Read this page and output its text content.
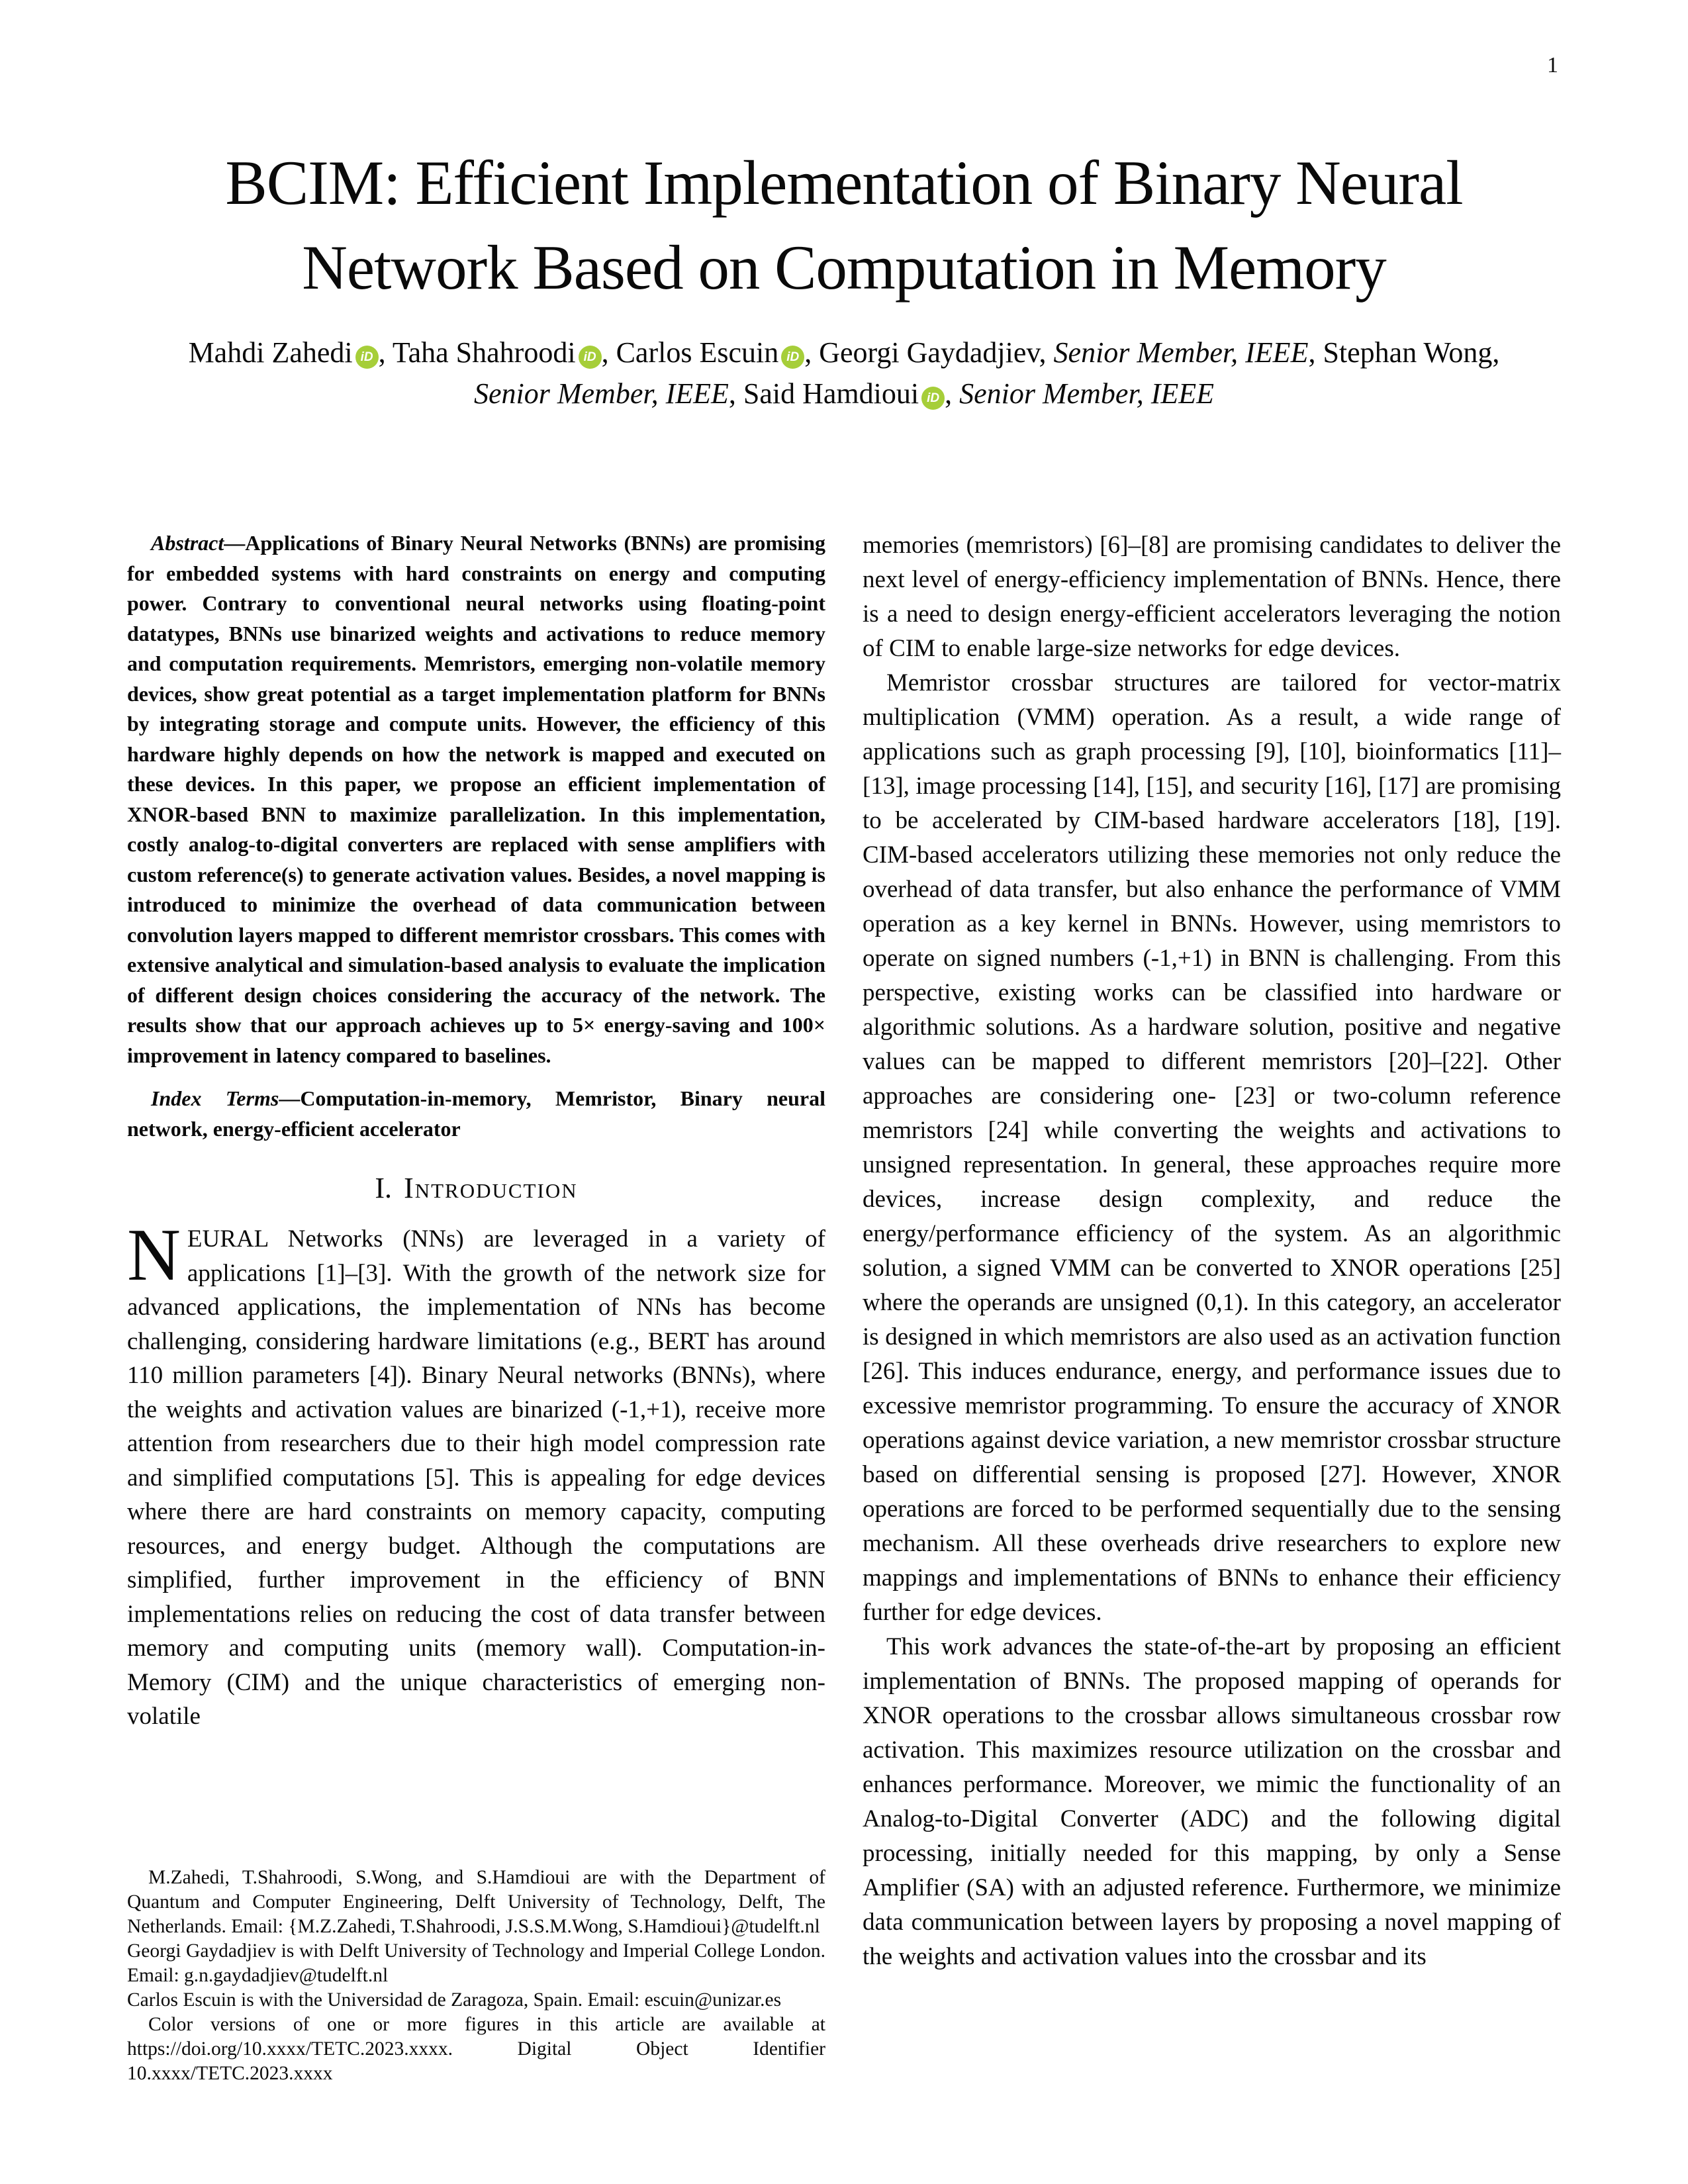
1
BCIM: Efficient Implementation of Binary Neural
Network Based on Computation in Memory
Mahdi Zahedi iD , Taha Shahroodi iD , Carlos Escuin iD , Georgi Gaydadjiev, Senior Member, IEEE, Stephan Wong,
Senior Member, IEEE, Said Hamdioui iD , Senior Member, IEEE

Abstract—Applications of Binary Neural Networks (BNNs) are promising for embedded systems with hard constraints on energy and computing power. Contrary to conventional neural networks using floating-point datatypes, BNNs use binarized weights and activations to reduce memory and computation requirements. Memristors, emerging non-volatile memory devices, show great potential as a target implementation platform for BNNs by integrating storage and compute units. However, the efficiency of this hardware highly depends on how the network is mapped and executed on these devices. In this paper, we propose an efficient implementation of XNOR-based BNN to maximize parallelization. In this implementation, costly analog-to-digital converters are replaced with sense amplifiers with custom reference(s) to generate activation values. Besides, a novel mapping is introduced to minimize the overhead of data communication between convolution layers mapped to different memristor crossbars. This comes with extensive analytical and simulation-based analysis to evaluate the implication of different design choices considering the accuracy of the network. The results show that our approach achieves up to 5× energy-saving and 100× improvement in latency compared to baselines.

Index Terms—Computation-in-memory, Memristor, Binary neural network, energy-efficient accelerator

I. Introduction

NEURAL Networks (NNs) are leveraged in a variety of applications [1]–[3]. With the growth of the network size for advanced applications, the implementation of NNs has become challenging, considering hardware limitations (e.g., BERT has around 110 million parameters [4]). Binary Neural networks (BNNs), where the weights and activation values are binarized (-1,+1), receive more attention from researchers due to their high model compression rate and simplified computations [5]. This is appealing for edge devices where there are hard constraints on memory capacity, computing resources, and energy budget. Although the computations are simplified, further improvement in the efficiency of BNN implementations relies on reducing the cost of data transfer between memory and computing units (memory wall). Computation-in-Memory (CIM) and the unique characteristics of emerging non-volatile

M.Zahedi, T.Shahroodi, S.Wong, and S.Hamdioui are with the Department of Quantum and Computer Engineering, Delft University of Technology, Delft, The Netherlands. Email: {M.Z.Zahedi, T.Shahroodi, J.S.S.M.Wong, S.Hamdioui}@tudelft.nl

Georgi Gaydadjiev is with Delft University of Technology and Imperial College London. Email: g.n.gaydadjiev@tudelft.nl

Carlos Escuin is with the Universidad de Zaragoza, Spain. Email: escuin@unizar.es

Color versions of one or more figures in this article are available at https://doi.org/10.xxxx/TETC.2023.xxxx. Digital Object Identifier 10.xxxx/TETC.2023.xxxx

memories (memristors) [6]–[8] are promising candidates to deliver the next level of energy-efficiency implementation of BNNs. Hence, there is a need to design energy-efficient accelerators leveraging the notion of CIM to enable large-size networks for edge devices.

Memristor crossbar structures are tailored for vector-matrix multiplication (VMM) operation. As a result, a wide range of applications such as graph processing [9], [10], bioinformatics [11]–[13], image processing [14], [15], and security [16], [17] are promising to be accelerated by CIM-based hardware accelerators [18], [19]. CIM-based accelerators utilizing these memories not only reduce the overhead of data transfer, but also enhance the performance of VMM operation as a key kernel in BNNs. However, using memristors to operate on signed numbers (-1,+1) in BNN is challenging. From this perspective, existing works can be classified into hardware or algorithmic solutions. As a hardware solution, positive and negative values can be mapped to different memristors [20]–[22]. Other approaches are considering one- [23] or two-column reference memristors [24] while converting the weights and activations to unsigned representation. In general, these approaches require more devices, increase design complexity, and reduce the energy/performance efficiency of the system. As an algorithmic solution, a signed VMM can be converted to XNOR operations [25] where the operands are unsigned (0,1). In this category, an accelerator is designed in which memristors are also used as an activation function [26]. This induces endurance, energy, and performance issues due to excessive memristor programming. To ensure the accuracy of XNOR operations against device variation, a new memristor crossbar structure based on differential sensing is proposed [27]. However, XNOR operations are forced to be performed sequentially due to the sensing mechanism. All these overheads drive researchers to explore new mappings and implementations of BNNs to enhance their efficiency further for edge devices.

This work advances the state-of-the-art by proposing an efficient implementation of BNNs. The proposed mapping of operands for XNOR operations to the crossbar allows simultaneous crossbar row activation. This maximizes resource utilization on the crossbar and enhances performance. Moreover, we mimic the functionality of an Analog-to-Digital Converter (ADC) and the following digital processing, initially needed for this mapping, by only a Sense Amplifier (SA) with an adjusted reference. Furthermore, we minimize data communication between layers by proposing a novel mapping of the weights and activation values into the crossbar and its
